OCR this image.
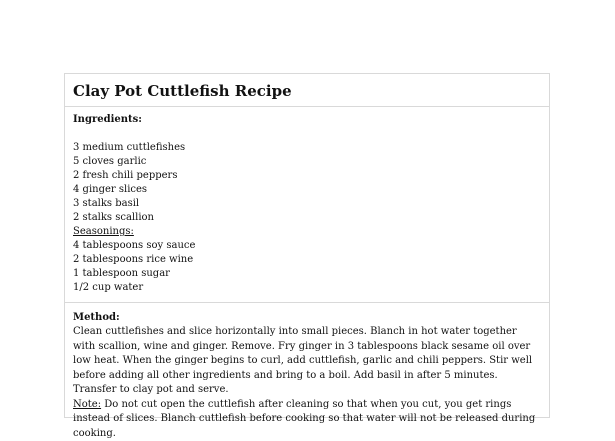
Clay Pot Cuttlefish Recipe

Ingredients:

3 medium cuttlefishes
5 cloves garlic
2 fresh chili peppers
4 ginger slices
3 stalks basil
2 stalks scallion
Seasonings:
4 tablespoons soy sauce
2 tablespoons rice wine
1 tablespoon sugar
1/2 cup water

Method:

Clean cuttlefishes and slice horizontally into small pieces. Blanch in hot water together with scallion, wine and ginger. Remove. Fry ginger in 3 tablespoons black sesame oil over low heat. When the ginger begins to curl, add cuttlefish, garlic and chili peppers. Stir well before adding all other ingredients and bring to a boil. Add basil in after 5 minutes. Transfer to clay pot and serve.
Note: Do not cut open the cuttlefish after cleaning so that when you cut, you get rings instead of slices. Blanch cuttlefish before cooking so that water will not be released during cooking.
